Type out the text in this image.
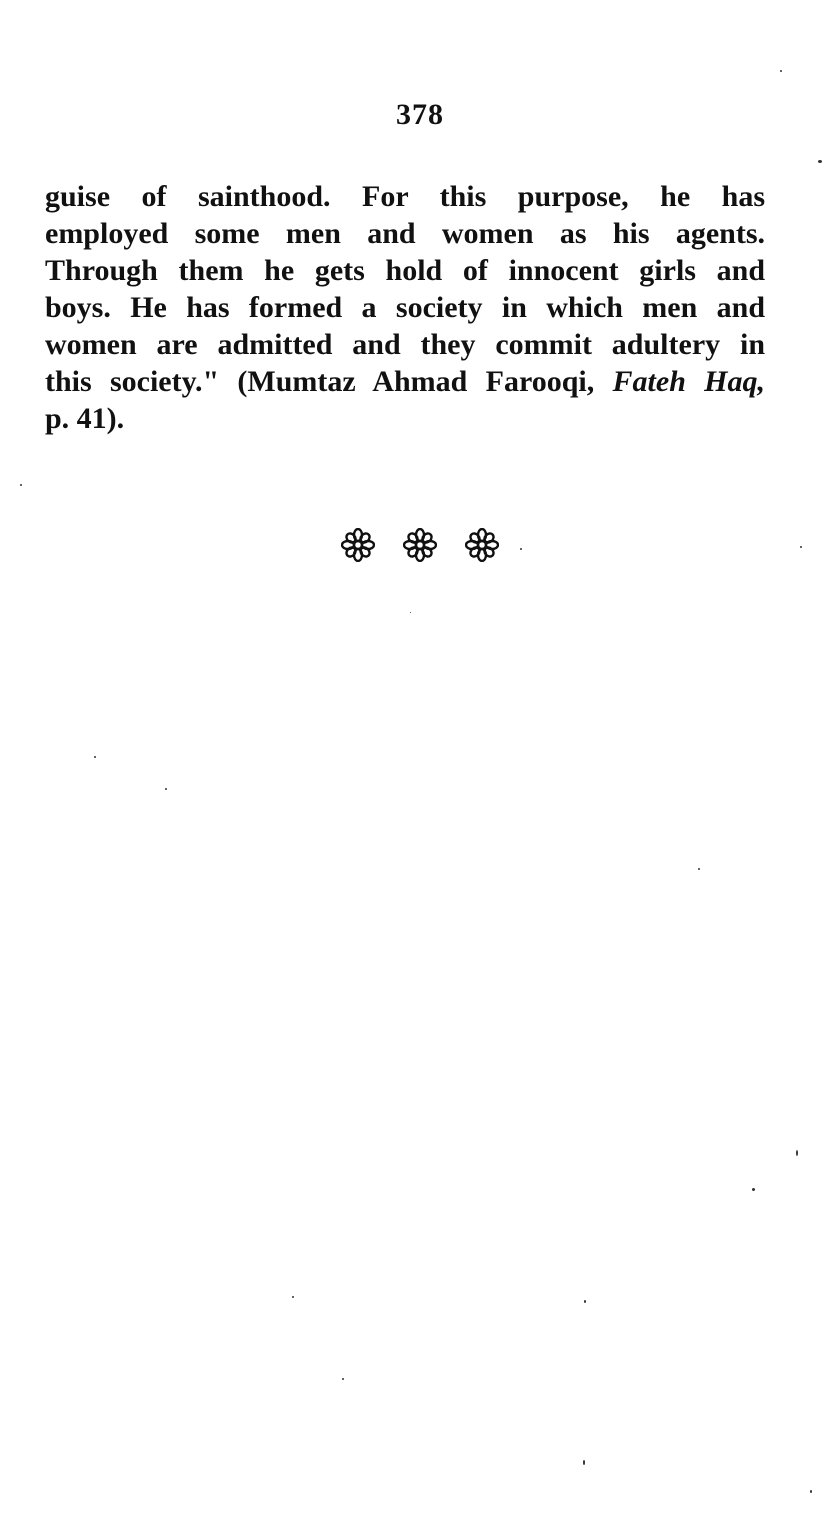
378
guise of sainthood. For this purpose, he has
employed some men and women as his agents.
Through them he gets hold of innocent girls and
boys. He has formed a society in which men and
women are admitted and they commit adultery in
this society." (Mumtaz Ahmad Farooqi, Fateh Haq,
p. 41).
